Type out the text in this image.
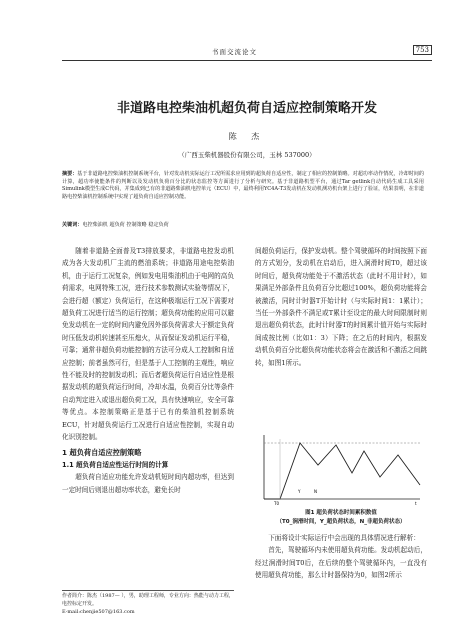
书面交流论文	753
非道路电控柴油机超负荷自适应控制策略开发
陈 杰
（广西玉柴机器股份有限公司，玉林 537000）
摘要：基于非道路电控柴油机控制系统平台，针对发动机实际运行工况所需求应用到的超负荷自适应性，制定了相应的控制策略。对超功率动作情况，冷却时间的计算，超功率使能条件的判断以及发动机负荷百分比的状态监控等方面进行了分析与研究。基于非道路机型平台，通过Tar getlink自动代码生成工具采用Simulink模型生成C代码，并集成到已有的非道路柴油机电控单元（ECU）中，最终利用YC4A-T3发动机在发动机测功机台架上进行了验证，结果表明，在非道路电控柴油机控制系统中实现了超负荷自适应控制功能。
关键词：电控柴油机 超负荷 控制策略 稳定负荷

随着非道路全面普及T3排放要求，非道路电控发动机成为各大发动机厂主流的燃油系统；非道路用途电控柴油机，由于运行工况复杂，例如发电用柴油机由于电网的高负荷需求，电网特殊工况，进行技术参数测试实验等情况下，会进行超（额定）负荷运行，在这种极端运行工况下需要对超负荷工况进行适当的运行控制；超负荷功能的应用可以避免发动机在一定的时间内避免因外部负荷需求大于额定负荷时压低发动机转速甚至压熄火，从而保证发动机运行平稳，可靠；通常非超负荷功能控制的方法可分成人工控制和自适应控制；前者虽然可行，但是基于人工控制的主观性，响应性不能及时的控制发动机；而后者超负荷运行自适应性是根据发动机的超负荷运行时间，冷却水温，负荷百分比等条件自动判定进入或退出超负荷工况，具有快速响应，安全可靠等优点。本控制策略正是基于已有的柴油机控制系统ECU，针对超负荷运行工况进行自适应性控制，实现自动化识别控制。

1 超负荷自适应控制策略
1.1 超负荷自适应性运行时间的计算

超负荷自适应功能允许发动机短时间内超功率，但达到一定时间后则退出超功率状态，避免长时

作者简介：陈杰（1987— ），男，助理工程师，专业方向：热能与动力工程，电控标定开发。
E-mail:chenjie507@163.com

间超负荷运行，保护发动机。整个驾驶循环的时间按照下面的方式划分，发动机在启动后，进入涧滑时间T0，超过该时间后，超负荷功能处于不激活状态（此时不用计时），如果满足外部条件且负荷百分比超过100%，超负荷功能将会被激活，同时计时器T开始计时（与实际时间1：1累计）；当任一外部条件不满足或T累计至设定的最大时间限制时则退出超负荷状态，此时计时器T的时间累计值开始与实际时间成按比例（比如1：3）下降；在之后的时间内，根据发动机负荷百分比超负荷功能状态将会在激活和不激活之间跳转，如图1所示。

T0
Y	N
t
图1 超负荷状态时间累积数值
（T0_涧滑时间，Y_超负荷状态，N_非超负荷状态）

下面将设计实际运行中会出现的具体情况进行解析：

首先，驾驶循环内未使用超负荷功能。发动机起动后，经过涧滑时间T0后，在后续的整个驾驶循环内，一直没有使用超负荷功能，那么计时器保持为0，如图2所示
